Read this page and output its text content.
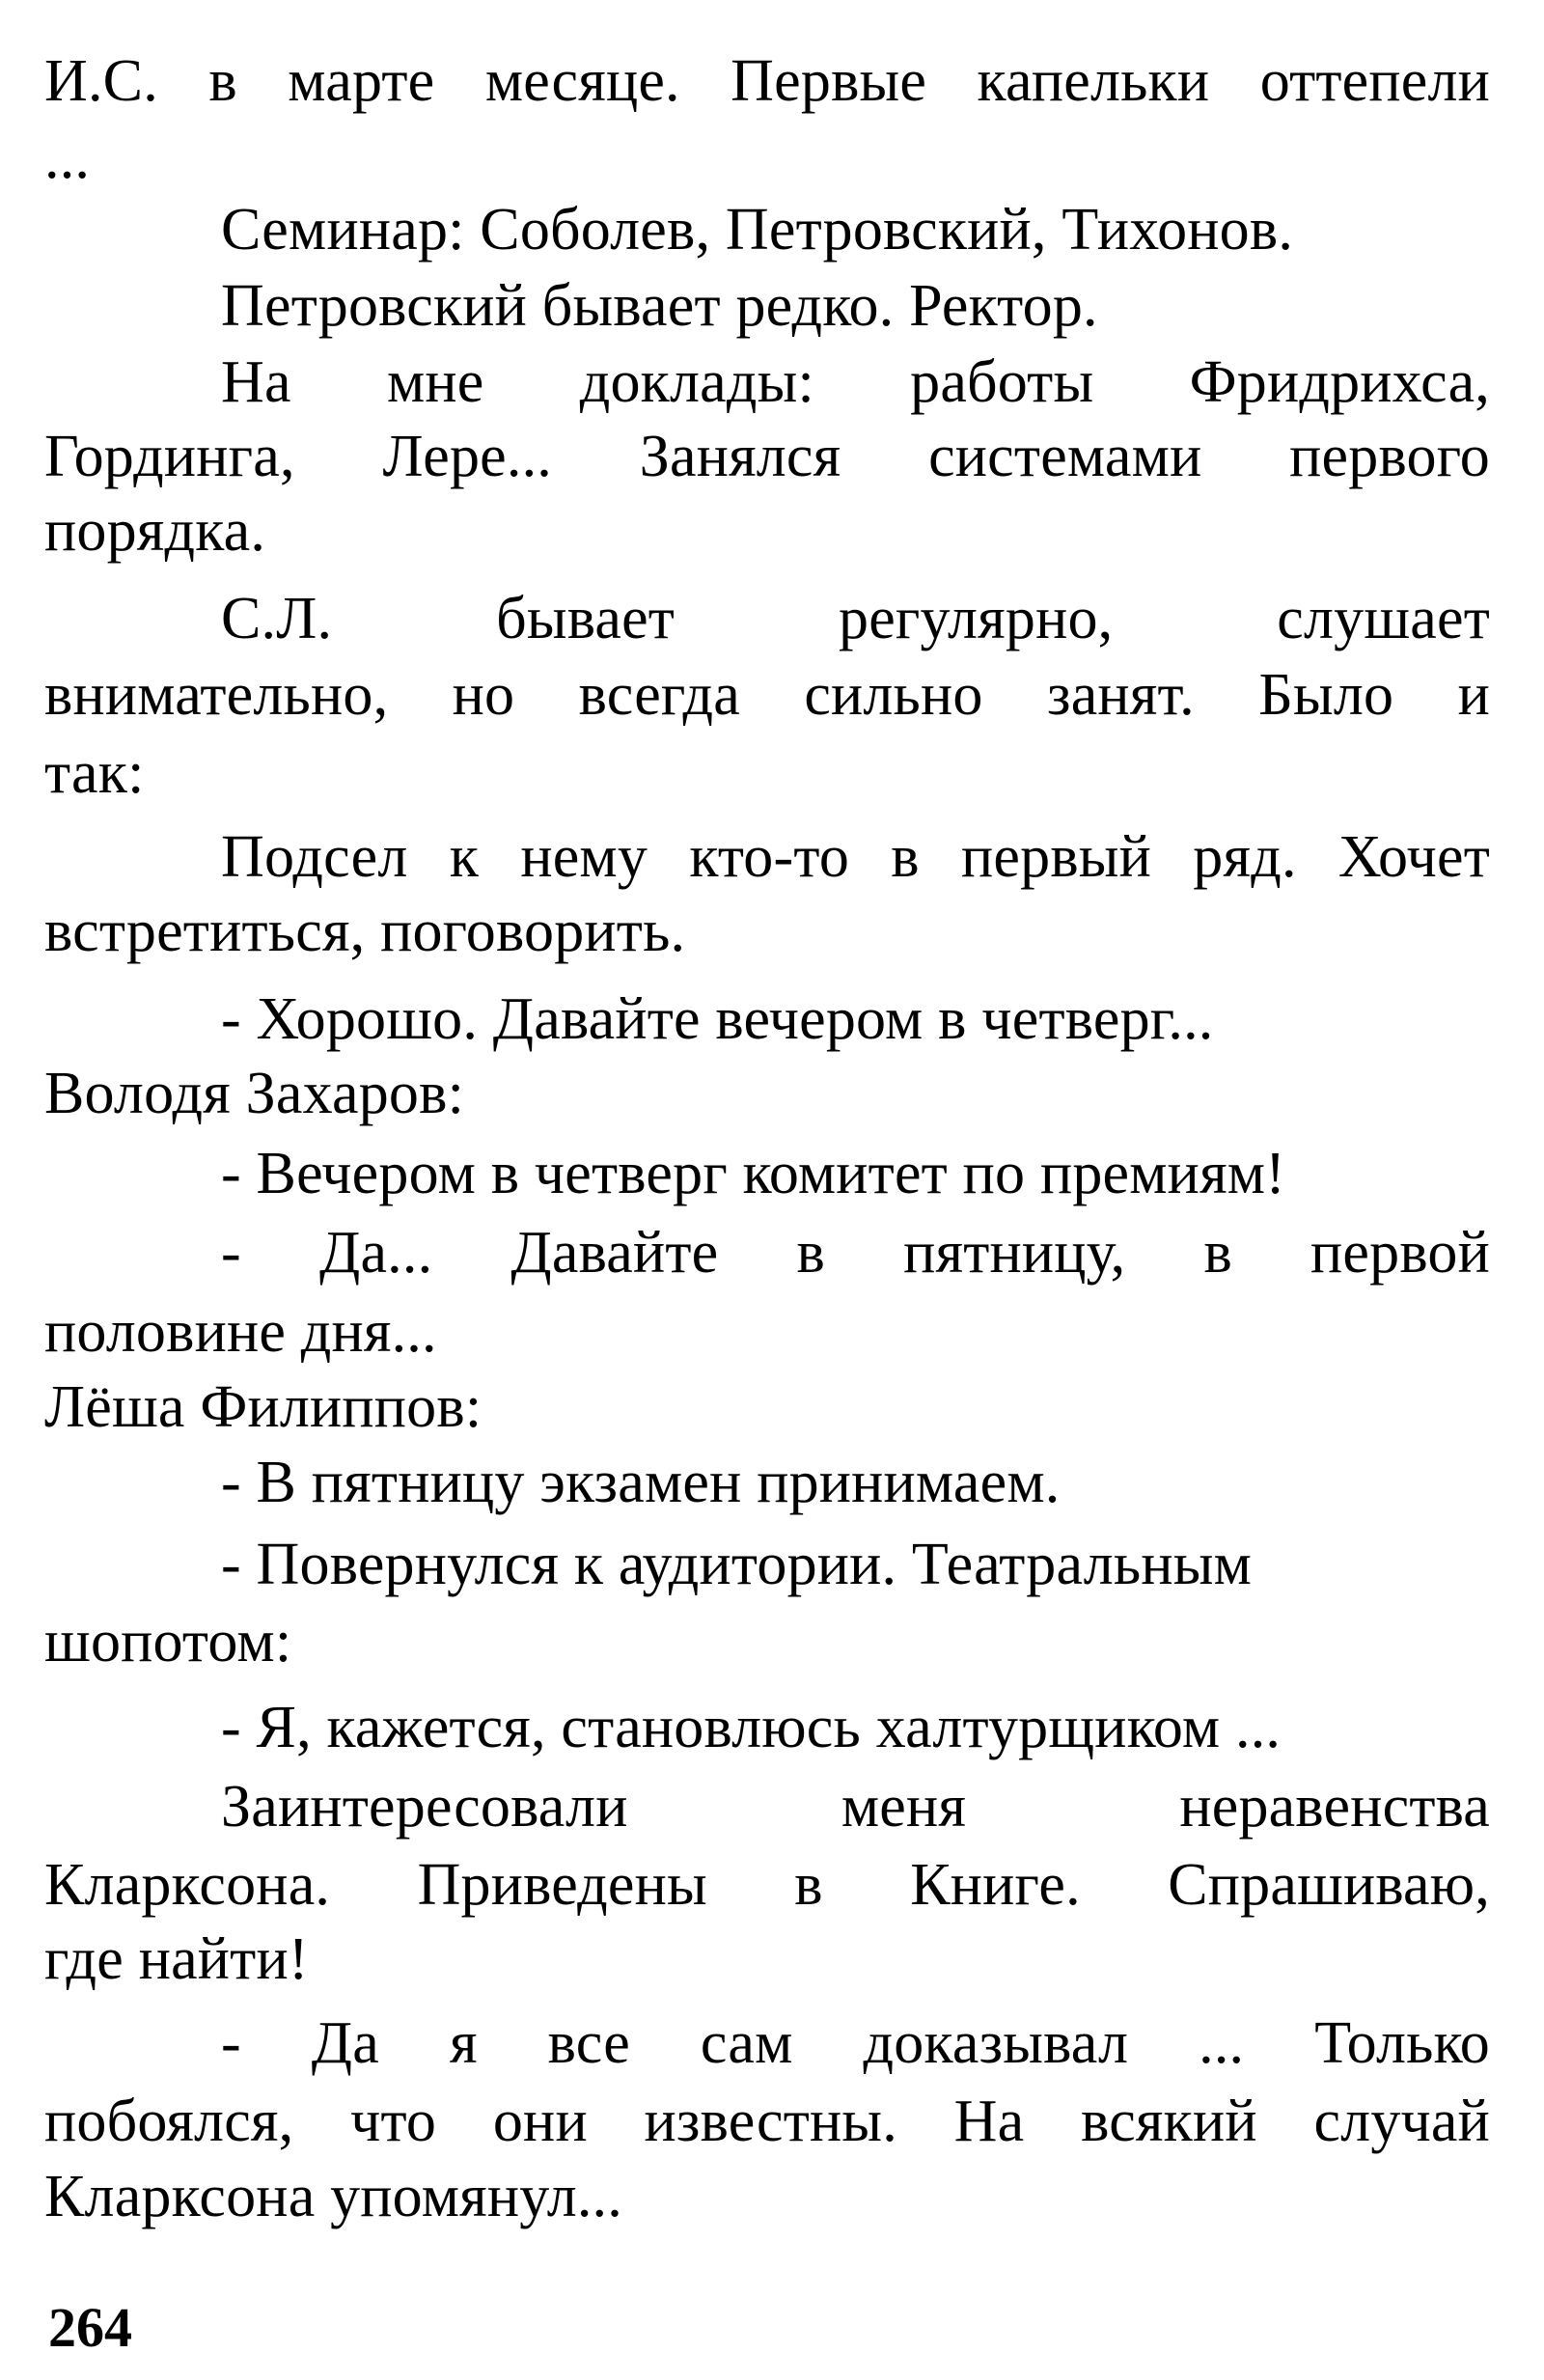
И.С. в марте месяце. Первые капельки оттепели
...
Семинар: Соболев, Петровский, Тихонов.
Петровский бывает редко. Ректор.
На мне доклады: работы Фридрихса,
Гординга, Лере... Занялся системами первого
порядка.
С.Л. бывает регулярно, слушает
внимательно, но всегда сильно занят. Было и
так:
Подсел к нему кто-то в первый ряд. Хочет
встретиться, поговорить.
- Хорошо. Давайте вечером в четверг...
Володя Захаров:
- Вечером в четверг комитет по премиям!
- Да... Давайте в пятницу, в первой
половине дня...
Лёша Филиппов:
- В пятницу экзамен принимаем.
- Повернулся к аудитории. Театральным
шопотом:
- Я, кажется, становлюсь халтурщиком ...
Заинтересовали меня неравенства
Кларксона. Приведены в Книге. Спрашиваю,
где найти!
- Да я все сам доказывал ... Только
побоялся, что они известны. На всякий случай
Кларксона упомянул...
264
